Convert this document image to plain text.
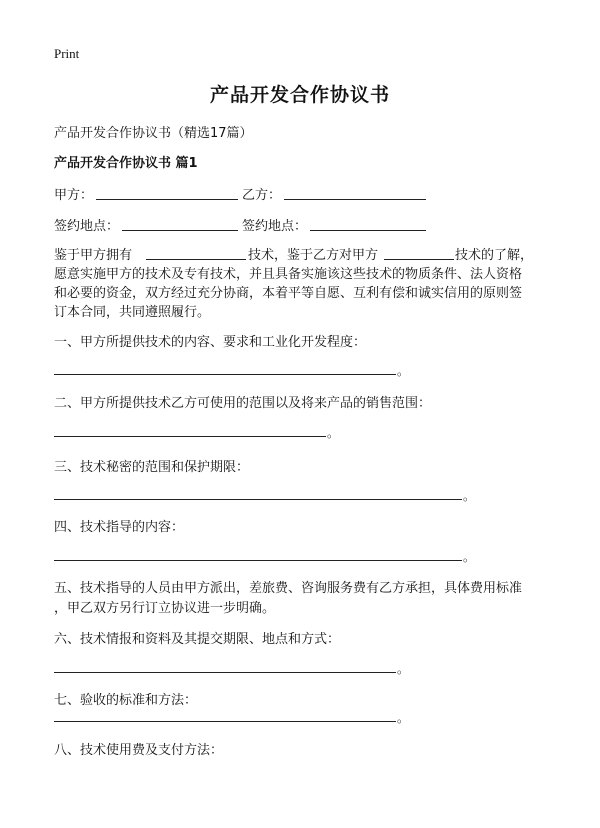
Print
产品开发合作协议书
产品开发合作协议书（精选17篇）
产品开发合作协议书 篇1
甲方：	乙方：
签约地点：	签约地点：
鉴于甲方拥有	技术，鉴于乙方对甲方	技术的了解，
愿意实施甲方的技术及专有技术，并且具备实施该这些技术的物质条件、法人资格
和必要的资金，双方经过充分协商，本着平等自愿、互利有偿和诚实信用的原则签
订本合同，共同遵照履行。
一、甲方所提供技术的内容、要求和工业化开发程度：
。
二、甲方所提供技术乙方可使用的范围以及将来产品的销售范围：
。
三、技术秘密的范围和保护期限：
。
四、技术指导的内容：
。
五、技术指导的人员由甲方派出，差旅费、咨询服务费有乙方承担，具体费用标准
，甲乙双方另行订立协议进一步明确。
六、技术情报和资料及其提交期限、地点和方式：
。
七、验收的标准和方法：
。
八、技术使用费及支付方法：
